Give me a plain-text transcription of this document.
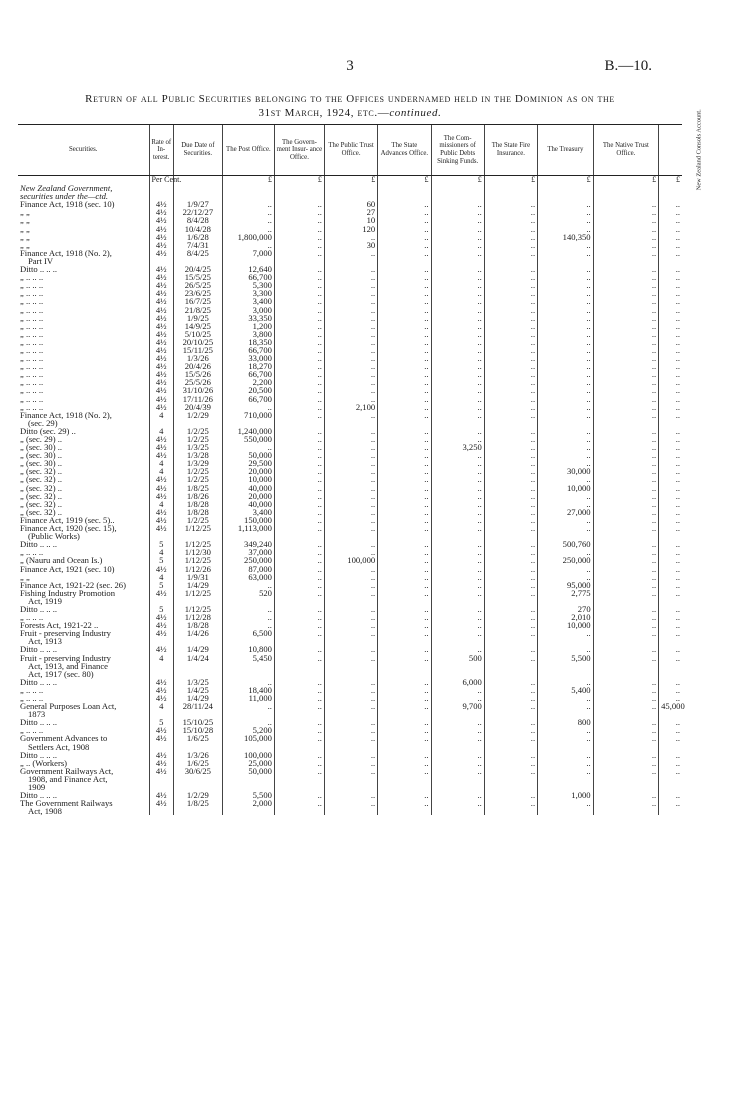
3	B.—10.
Return of all Public Securities belonging to the Offices undernamed held in the Dominion as on the
31st March, 1924, etc.—continued.
Securities.	Rate of In- terest.	Due Date of Securities.	The Post Office.	The Govern- ment Insur- ance Office.	The Public Trust Office.	The State Advances Office.	The Com- missioners of Public Debts Sinking Funds.	The State Fire Insurance.	The Treasury	The Native Trust Office.	New Zealand Consols Account.
	Per Cent.		£	£	£	£	£	£	£	£	£
New Zealand Government,											
securities under the—ctd.											
Finance Act, 1918 (sec. 10)	4½	1/9/27	..	..	60	..	..	..	..	..	..
„ „	4½	22/12/27	..	..	27	..	..	..	..	..	..
„ „	4½	8/4/28	..	..	10	..	..	..	..	..	..
„ „	4½	10/4/28	..	..	120	..	..	..	..	..	..
„ „	4½	1/6/28	1,800,000	..	..	..	..	..	140,350	..	..
„ „	4½	7/4/31	..	..	30	..	..	..	..	..	..
Finance Act, 1918 (No. 2),	4½	8/4/25	7,000	..	..	..	..	..	..	..	..
Part IV											
Ditto .. .. ..	4½	20/4/25	12,640	..	..	..	..	..	..	..	..
„ .. .. ..	4½	15/5/25	66,700	..	..	..	..	..	..	..	..
„ .. .. ..	4½	26/5/25	5,300	..	..	..	..	..	..	..	..
„ .. .. ..	4½	23/6/25	3,300	..	..	..	..	..	..	..	..
„ .. .. ..	4½	16/7/25	3,400	..	..	..	..	..	..	..	..
„ .. .. ..	4½	21/8/25	3,000	..	..	..	..	..	..	..	..
„ .. .. ..	4½	1/9/25	33,350	..	..	..	..	..	..	..	..
„ .. .. ..	4½	14/9/25	1,200	..	..	..	..	..	..	..	..
„ .. .. ..	4½	5/10/25	3,800	..	..	..	..	..	..	..	..
„ .. .. ..	4½	20/10/25	18,350	..	..	..	..	..	..	..	..
„ .. .. ..	4½	15/11/25	66,700	..	..	..	..	..	..	..	..
„ .. .. ..	4½	1/3/26	33,000	..	..	..	..	..	..	..	..
„ .. .. ..	4½	20/4/26	18,270	..	..	..	..	..	..	..	..
„ .. .. ..	4½	15/5/26	66,700	..	..	..	..	..	..	..	..
„ .. .. ..	4½	25/5/26	2,200	..	..	..	..	..	..	..	..
„ .. .. ..	4½	31/10/26	20,500	..	..	..	..	..	..	..	..
„ .. .. ..	4½	17/11/26	66,700	..	..	..	..	..	..	..	..
„ .. .. ..	4½	20/4/39	..	..	2,100	..	..	..	..	..	..
Finance Act, 1918 (No. 2),	4	1/2/29	710,000	..	..	..	..	..	..	..	..
(sec. 29)											
Ditto (sec. 29) ..	4	1/2/25	1,240,000	..	..	..	..	..	..	..	..
„ (sec. 29) ..	4½	1/2/25	550,000	..	..	..	..	..	..	..	..
„ (sec. 30) ..	4½	1/3/25	..	..	..	..	3,250	..	..	..	..
„ (sec. 30) ..	4½	1/3/28	50,000	..	..	..	..	..	..	..	..
„ (sec. 30) ..	4	1/3/29	29,500	..	..	..	..	..	..	..	..
„ (sec. 32) ..	4	1/2/25	20,000	..	..	..	..	..	30,000	..	..
„ (sec. 32) ..	4½	1/2/25	10,000	..	..	..	..	..	..	..	..
„ (sec. 32) ..	4½	1/8/25	40,000	..	..	..	..	..	10,000	..	..
„ (sec. 32) ..	4½	1/8/26	20,000	..	..	..	..	..	..	..	..
„ (sec. 32) ..	4	1/8/28	40,000	..	..	..	..	..	..	..	..
„ (sec. 32) ..	4½	1/8/28	3,400	..	..	..	..	..	27,000	..	..
Finance Act, 1919 (sec. 5)..	4½	1/2/25	150,000	..	..	..	..	..	..	..	..
Finance Act, 1920 (sec. 15),	4½	1/12/25	1,113,000	..	..	..	..	..	..	..	..
(Public Works)											
Ditto .. .. ..	5	1/12/25	349,240	..	..	..	..	..	500,760	..	..
„ .. .. ..	4	1/12/30	37,000	..	..	..	..	..	..	..	..
„ (Nauru and Ocean Is.)	5	1/12/25	250,000	..	100,000	..	..	..	250,000	..	..
Finance Act, 1921 (sec. 10)	4½	1/12/26	87,000	..	..	..	..	..	..	..	..
„ „	4	1/9/31	63,000	..	..	..	..	..	..	..	..
Finance Act, 1921-22 (sec. 26)	5	1/4/29	..	..	..	..	..	..	95,000	..	..
Fishing Industry Promotion	4½	1/12/25	520	..	..	..	..	..	2,775	..	..
Act, 1919											
Ditto .. .. ..	5	1/12/25	..	..	..	..	..	..	270	..	..
„ .. .. ..	4½	1/12/28	..	..	..	..	..	..	2,010	..	..
Forests Act, 1921-22 ..	4½	1/8/28	..	..	..	..	..	..	10,000	..	..
Fruit - preserving Industry	4½	1/4/26	6,500	..	..	..	..	..	..	..	..
Act, 1913											
Ditto .. .. ..	4½	1/4/29	10,800	..	..	..	..	..	..	..	..
Fruit - preserving Industry	4	1/4/24	5,450	..	..	..	500	..	5,500	..	..
Act, 1913, and Finance											
Act, 1917 (sec. 80)											
Ditto .. .. ..	4½	1/3/25	..	..	..	..	6,000	..	..	..	..
„ .. .. ..	4½	1/4/25	18,400	..	..	..	..	..	5,400	..	..
„ .. .. ..	4½	1/4/29	11,000	..	..	..	..	..	..	..	..
General Purposes Loan Act,	4	28/11/24	..	..	..	..	9,700	..	..	..	45,000
1873											
Ditto .. .. ..	5	15/10/25	..	..	..	..	..	..	800	..	..
„ .. .. ..	4½	15/10/28	5,200	..	..	..	..	..	..	..	..
Government Advances to	4½	1/6/25	105,000	..	..	..	..	..	..	..	..
Settlers Act, 1908											
Ditto .. .. ..	4½	1/3/26	100,000	..	..	..	..	..	..	..	..
„ .. (Workers)	4½	1/6/25	25,000	..	..	..	..	..	..	..	..
Government Railways Act,	4½	30/6/25	50,000	..	..	..	..	..	..	..	..
1908, and Finance Act,											
1909											
Ditto .. .. ..	4½	1/2/29	5,500	..	..	..	..	..	1,000	..	..
The Government Railways	4½	1/8/25	2,000	..	..	..	..	..	..	..	..
Act, 1908											
